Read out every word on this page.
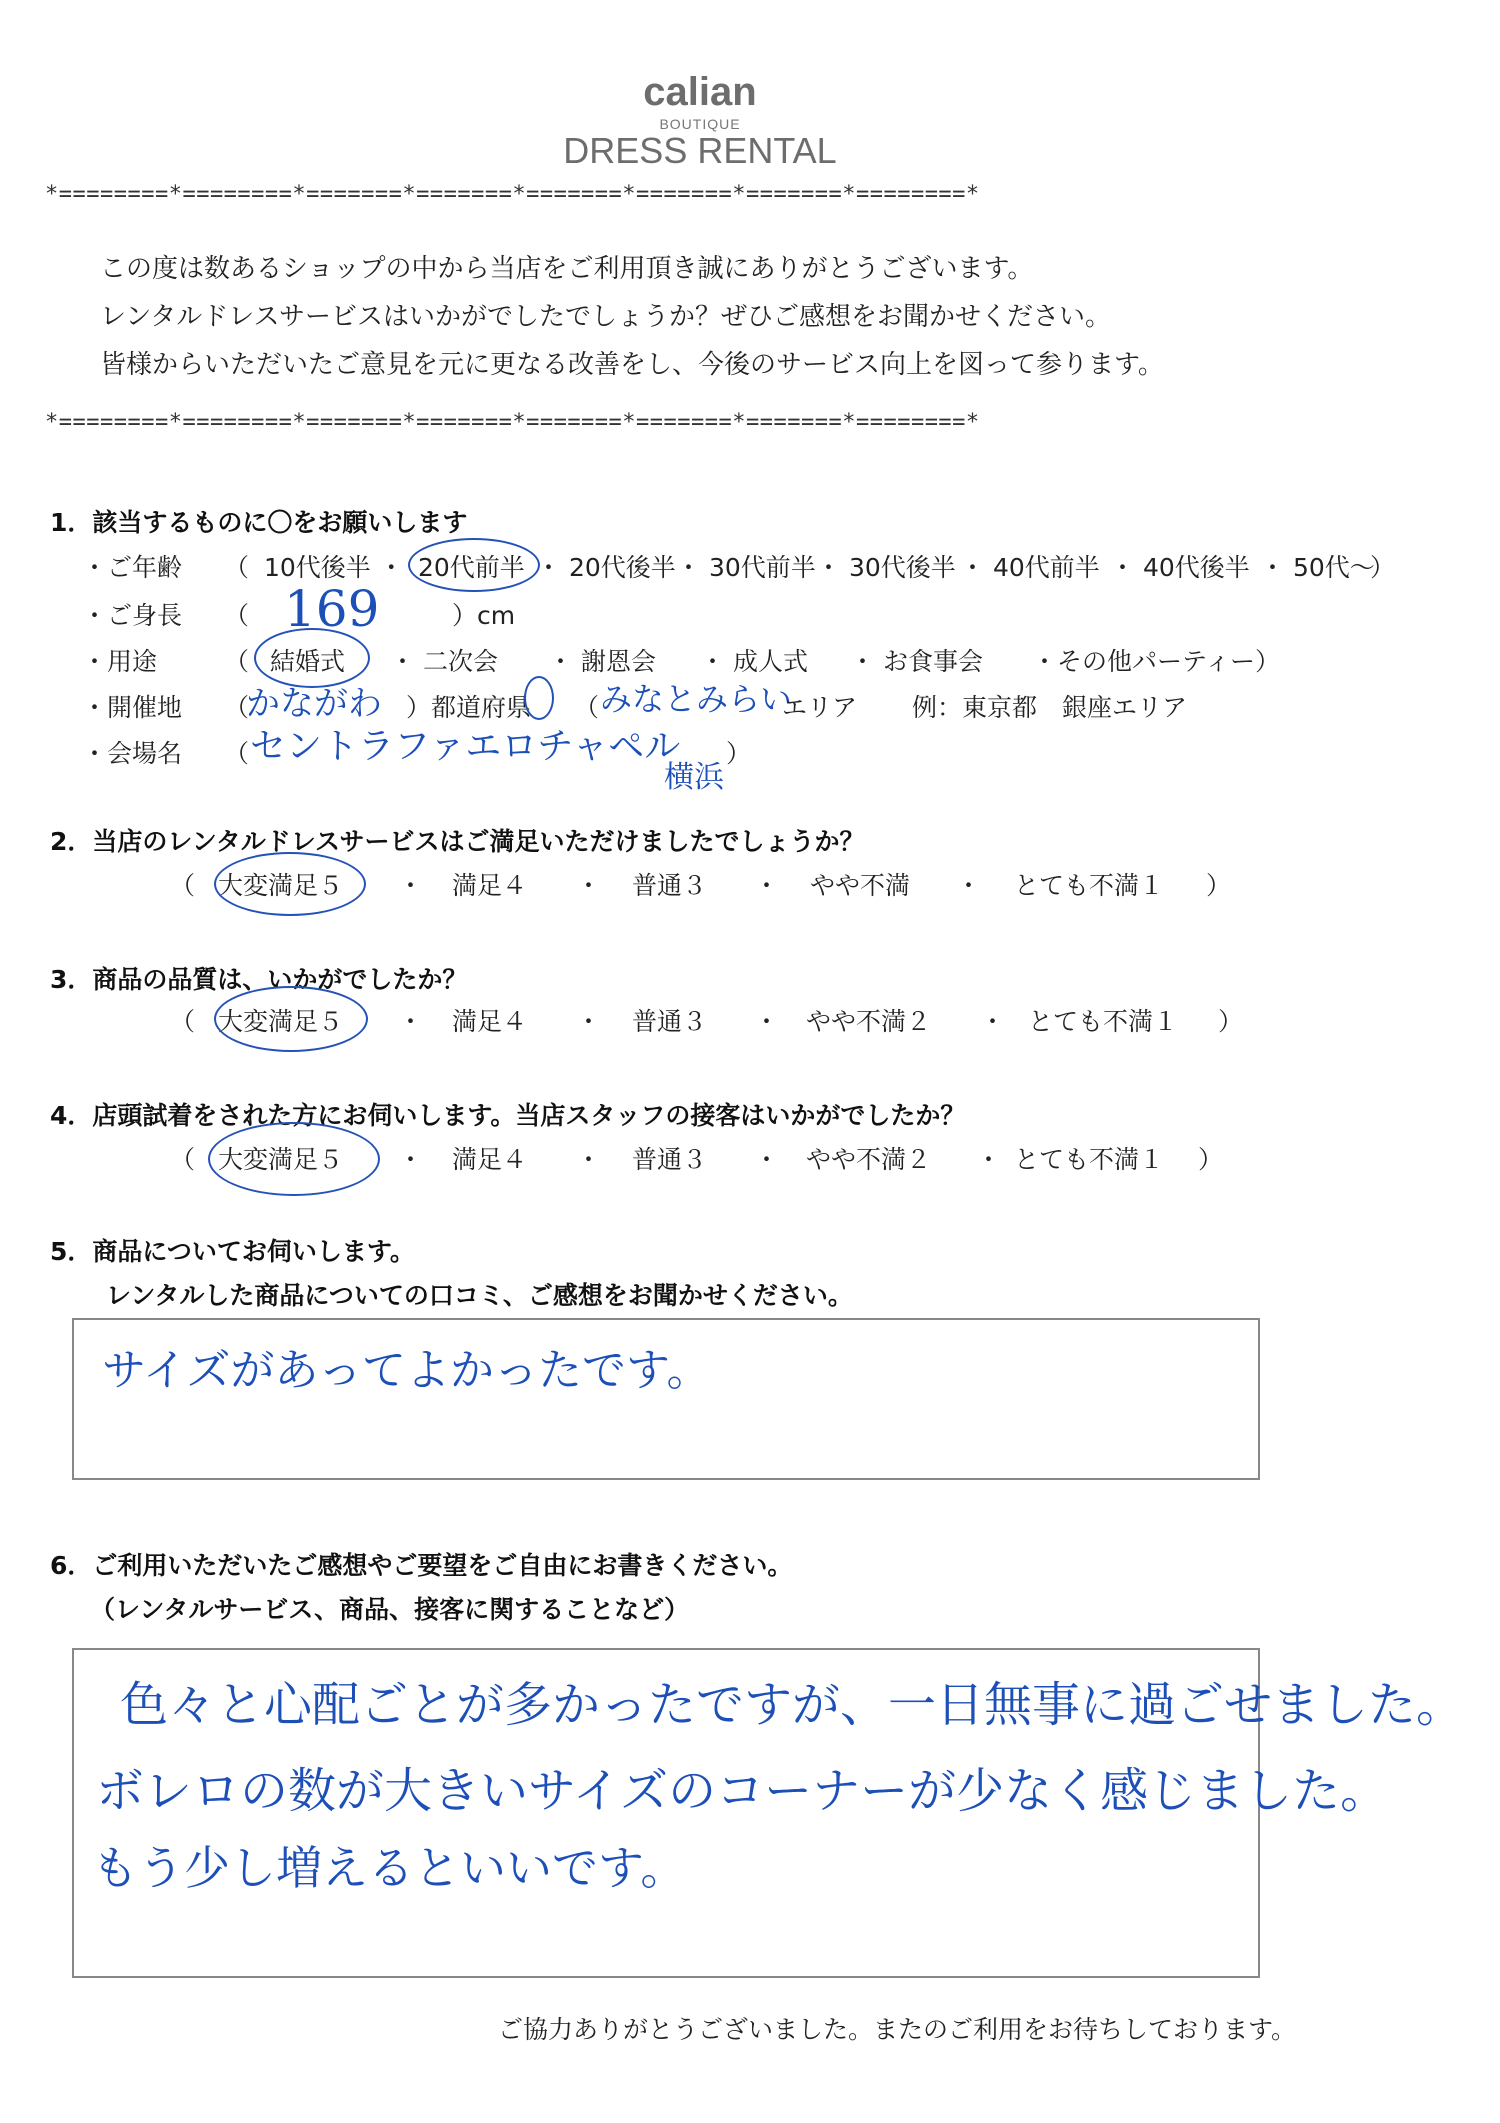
calian
BOUTIQUE
DRESS RENTAL
*========*========*=======*=======*=======*=======*=======*========*
この度は数あるショップの中から当店をご利用頂き誠にありがとうございます。
レンタルドレスサービスはいかがでしたでしょうか？ぜひご感想をお聞かせください。
皆様からいただいたご意見を元に更なる改善をし、今後のサービス向上を図って参ります。
*========*========*=======*=======*=======*=======*=======*========*
1．該当するものに〇をお願いします
・ご年齢 （ 10代後半 ・ 20代前半 ・ 20代後半 ・ 30代前半 ・ 30代後半 ・ 40代前半 ・ 40代後半 ・ 50代～
）
・ご身長 （ 169	）cm
・用途	（ 結婚式 ・ 二次会 ・ 謝恩会 ・ 成人式 ・ お食事会 ・その他パーティー）
・開催地 （
かながわ ）都道府県 （ みなとみらい
エリア 例：東京都　銀座エリア
・会場名 （ セントラファエロチャペル
横浜
）
2．当店のレンタルドレスサービスはご満足いただけましたでしょうか？
（ 大変満足５ ・ 満足４ ・ 普通３ ・ やや不満 ・ とても不満１ ）
3．商品の品質は、いかがでしたか？
（ 大変満足５ ・ 満足４ ・ 普通３ ・ やや不満２ ・ とても不満１ ）
4．店頭試着をされた方にお伺いします。当店スタッフの接客はいかがでしたか？
（ 大変満足５ ・ 満足４ ・ 普通３ ・ やや不満２ ・ とても不満１ ）
5．商品についてお伺いします。
レンタルした商品についての口コミ、ご感想をお聞かせください。
サイズがあってよかったです。
6．ご利用いただいたご感想やご要望をご自由にお書きください。
（レンタルサービス、商品、接客に関することなど）
色々と心配ごとが多かったですが、一日無事に過ごせました。
ボレロの数が大きいサイズのコーナーが少なく感じました。
もう少し増えるといいです。
ご協力ありがとうございました。またのご利用をお待ちしております。
